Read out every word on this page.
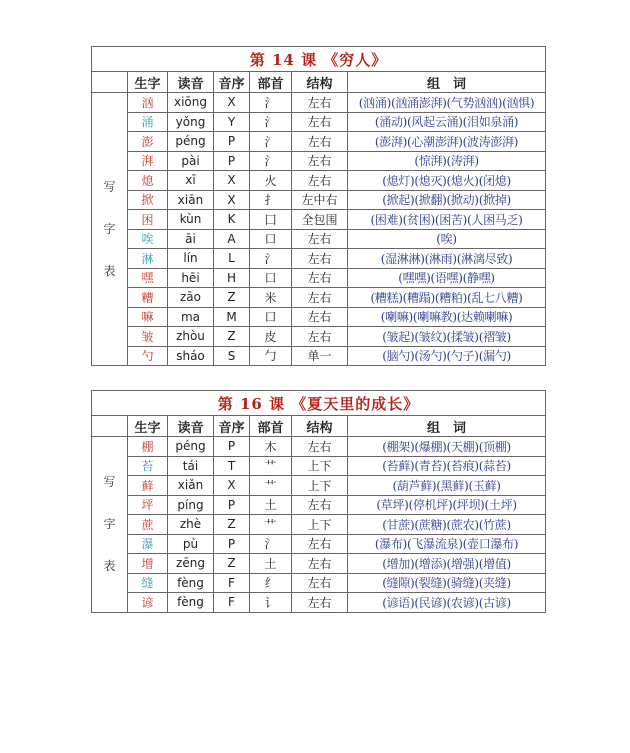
第 14 课 《穷人》						
	生字	读音	音序	部首	结构	组　词

写
字
表	汹	xiōng	X	氵	左右	(汹涌)(汹涌澎湃)(气势汹汹)(汹惧)
	涌	yǒng	Y	氵	左右	(涌动)(风起云涌)(泪如泉涌)
	澎	péng	P	氵	左右	(澎湃)(心潮澎湃)(波涛澎湃)
	湃	pài	P	氵	左右	(惊湃)(涛湃)
	熄	xī	X	火	左右	(熄灯)(熄灭)(熄火)(闭熄)
	掀	xiān	X	扌	左中右	(掀起)(掀翻)(掀动)(掀掉)
	困	kùn	K	囗	全包围	(困难)(贫困)(困苦)(人困马乏)
	唉	āi	A	口	左右	(唉)
	淋	lín	L	氵	左右	(湿淋淋)(淋雨)(淋漓尽致)
	嘿	hēi	H	口	左右	(嘿嘿)(语嘿)(静嘿)
	糟	zāo	Z	米	左右	(糟糕)(糟蹋)(糟粕)(乱七八糟)
	嘛	ma	M	口	左右	(喇嘛)(喇嘛教)(达赖喇嘛)
	皱	zhòu	Z	皮	左右	(皱起)(皱纹)(揉皱)(褶皱)
	勺	sháo	S	勹	单一	(脑勺)(汤勺)(勺子)(漏勺)
第 16 课 《夏天里的成长》						
	生字	读音	音序	部首	结构	组　词

写
字
表	棚	péng	P	木	左右	(棚架)(爆棚)(天棚)(顶棚)
	苔	tái	T	艹	上下	(苔藓)(青苔)(苔痕)(蒜苔)
	藓	xiǎn	X	艹	上下	(葫芦藓)(黑藓)(玉藓)
	坪	píng	P	土	左右	(草坪)(停机坪)(坪坝)(土坪)
	蔗	zhè	Z	艹	上下	(甘蔗)(蔗糖)(蔗农)(竹蔗)
	瀑	pù	P	氵	左右	(瀑布)(飞瀑流泉)(壶口瀑布)
	增	zēng	Z	土	左右	(增加)(增添)(增强)(增值)
	缝	fèng	F	纟	左右	(缝隙)(裂缝)(骑缝)(夹缝)
	谚	fèng	F	讠	左右	(谚语)(民谚)(农谚)(古谚)
